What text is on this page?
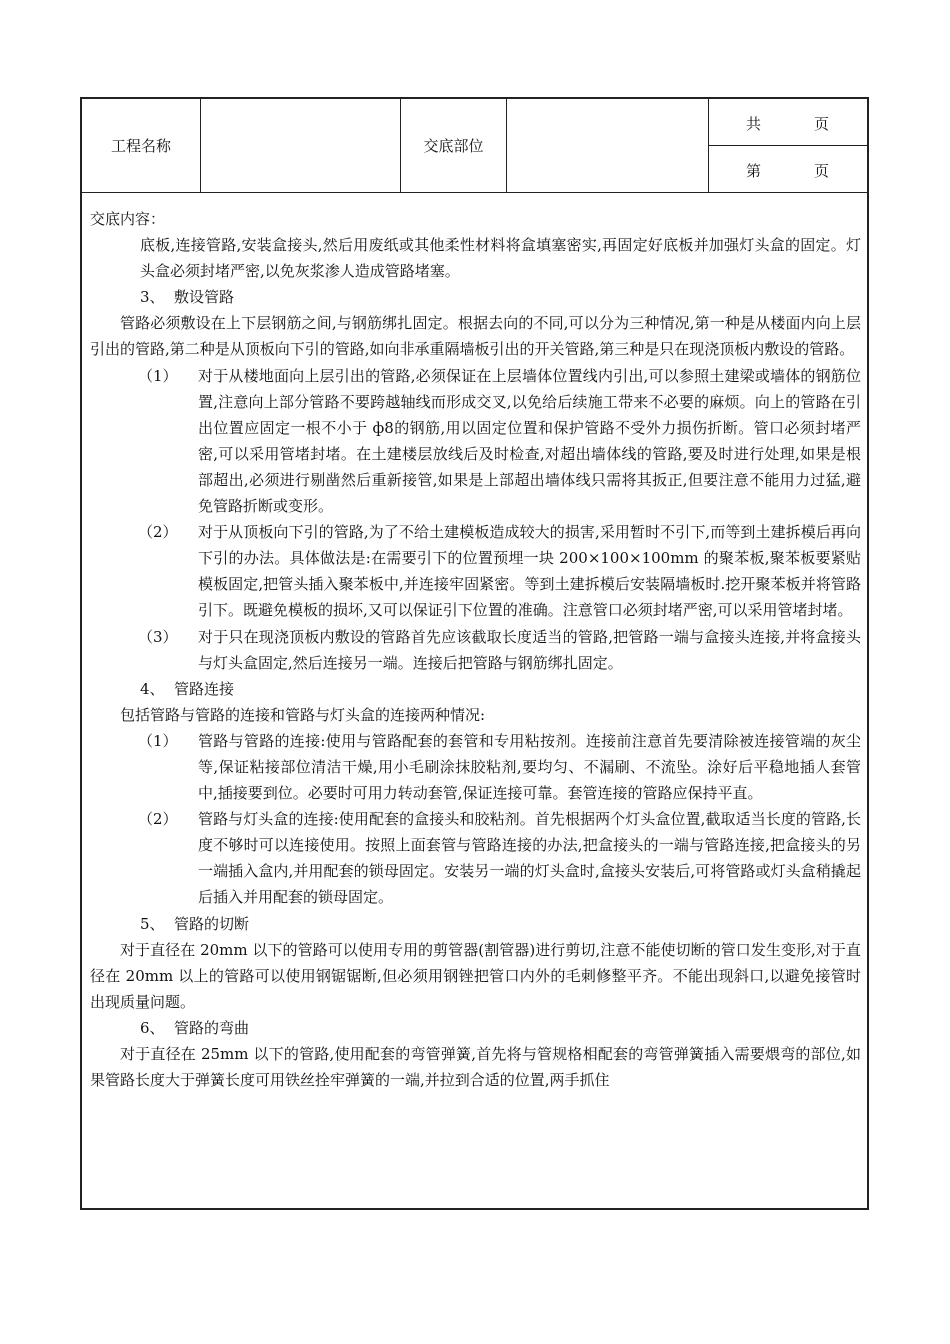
工程名称	交底部位
共	页
第	页

交底内容：

底板,连接管路,安装盒接头,然后用废纸或其他柔性材料将盒填塞密实,再固定好底板并加强灯头盒的固定。灯头盒必须封堵严密,以免灰浆渗人造成管路堵塞。

3、 敷设管路

管路必须敷设在上下层钢筋之间,与钢筋绑扎固定。根据去向的不同,可以分为三种情况,第一种是从楼面内向上层引出的管路,第二种是从顶板向下引的管路,如向非承重隔墙板引出的开关管路,第三种是只在现浇顶板内敷设的管路。

（1） 对于从楼地面向上层引出的管路,必须保证在上层墙体位置线内引出,可以参照土建梁或墙体的钢筋位置,注意向上部分管路不要跨越轴线而形成交叉,以免给后续施工带来不必要的麻烦。向上的管路在引出位置应固定一根不小于 ф8的钢筋,用以固定位置和保护管路不受外力损伤折断。管口必须封堵严密,可以采用管堵封堵。在土建楼层放线后及时检查,对超出墙体线的管路,要及时进行处理,如果是根部超出,必须进行剔凿然后重新接管,如果是上部超出墙体线只需将其扳正,但要注意不能用力过猛,避免管路折断或变形。
（2） 对于从顶板向下引的管路,为了不给土建模板造成较大的损害,采用暂时不引下,而等到土建拆模后再向下引的办法。具体做法是:在需要引下的位置预埋一块 200×100×100mm 的聚苯板,聚苯板要紧贴模板固定,把管头插入聚苯板中,并连接牢固紧密。等到土建拆模后安装隔墙板时.挖开聚苯板并将管路引下。既避免模板的损坏,又可以保证引下位置的准确。注意管口必须封堵严密,可以采用管堵封堵。
（3） 对于只在现浇顶板内敷设的管路首先应该截取长度适当的管路,把管路一端与盒接头连接,并将盒接头与灯头盒固定,然后连接另一端。连接后把管路与钢筋绑扎固定。

4、 管路连接

包括管路与管路的连接和管路与灯头盒的连接两种情况:

（1） 管路与管路的连接:使用与管路配套的套管和专用粘按剂。连接前注意首先要清除被连接管端的灰尘等,保证粘接部位清洁干燥,用小毛刷涂抹胶粘剂,要均匀、不漏刷、不流坠。涂好后平稳地插人套管中,插接要到位。必要时可用力转动套管,保证连接可靠。套管连接的管路应保持平直。
（2） 管路与灯头盒的连接:使用配套的盒接头和胶粘剂。首先根据两个灯头盒位置,截取适当长度的管路,长度不够时可以连接使用。按照上面套管与管路连接的办法,把盒接头的一端与管路连接,把盒接头的另一端插入盒内,并用配套的锁母固定。安装另一端的灯头盒时,盒接头安装后,可将管路或灯头盒稍撬起后插入并用配套的锁母固定。

5、 管路的切断

对于直径在 20mm 以下的管路可以使用专用的剪管器(割管器)进行剪切,注意不能使切断的管口发生变形,对于直径在 20mm 以上的管路可以使用钢锯锯断,但必须用钢锉把管口内外的毛刺修整平齐。不能出现斜口,以避免接管时出现质量问题。

6、 管路的弯曲

对于直径在 25mm 以下的管路,使用配套的弯管弹簧,首先将与管规格相配套的弯管弹簧插入需要煨弯的部位,如果管路长度大于弹簧长度可用铁丝拴牢弹簧的一端,并拉到合适的位置,两手抓住
